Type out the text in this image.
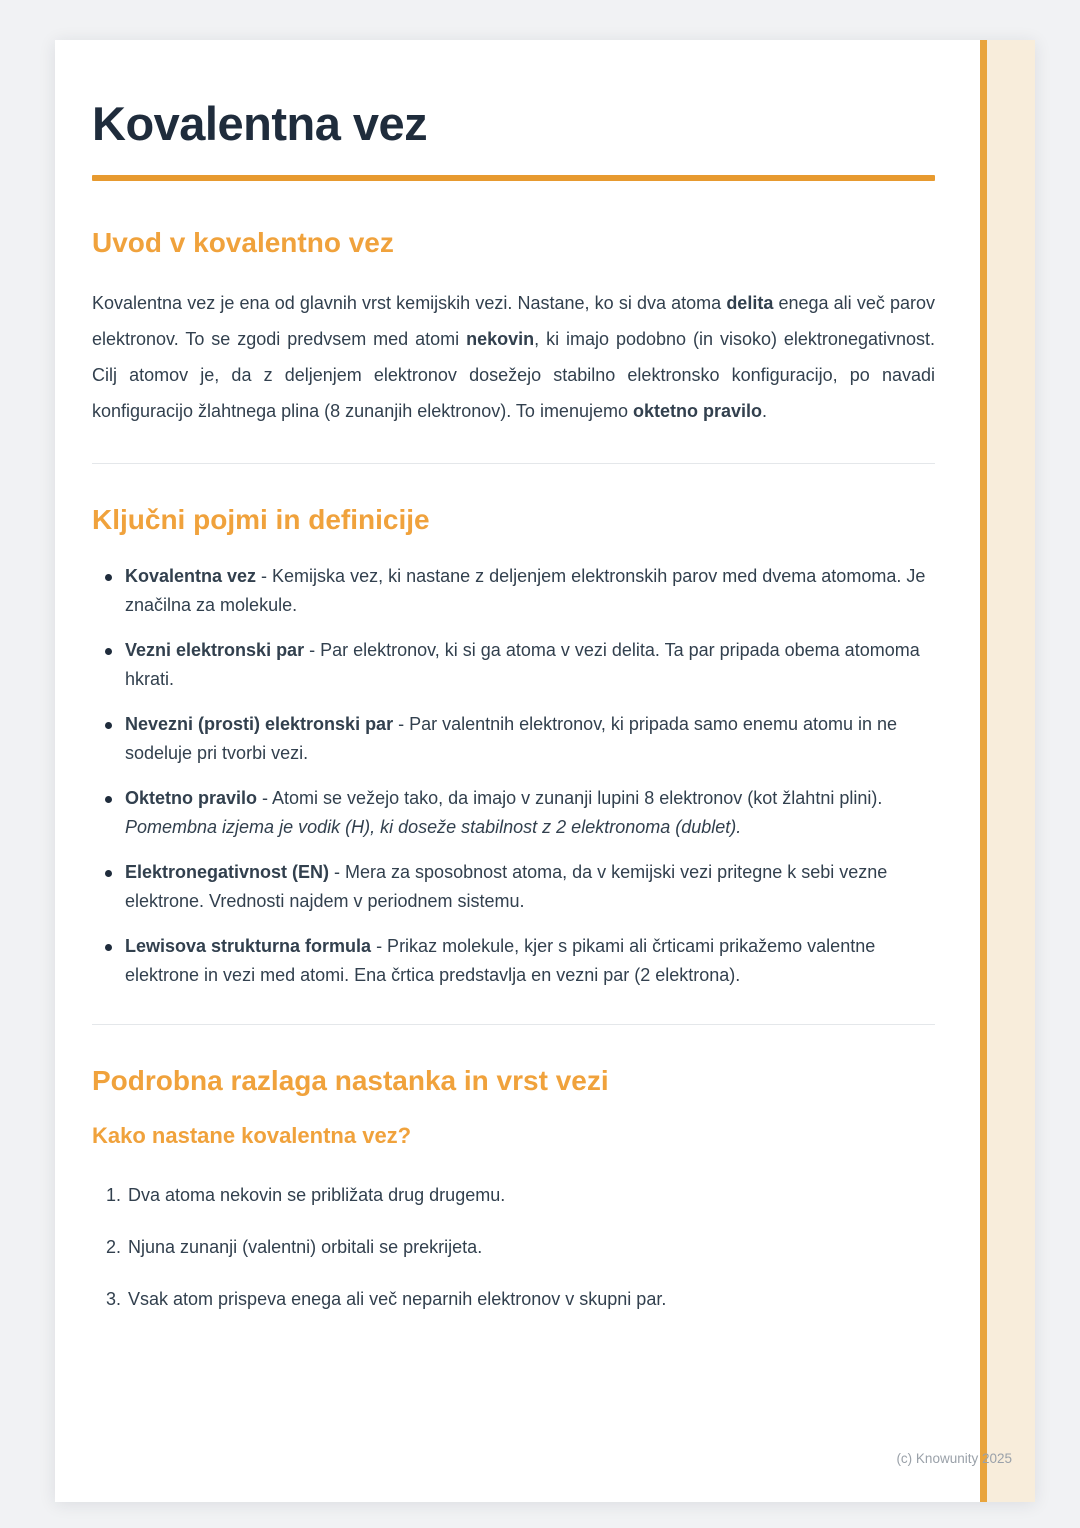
Kovalentna vez
Uvod v kovalentno vez

Kovalentna vez je ena od glavnih vrst kemijskih vezi. Nastane, ko si dva atoma delita enega ali več parov elektronov. To se zgodi predvsem med atomi nekovin, ki imajo podobno (in visoko) elektronegativnost. Cilj atomov je, da z deljenjem elektronov dosežejo stabilno elektronsko konfiguracijo, po navadi konfiguracijo žlahtnega plina (8 zunanjih elektronov). To imenujemo oktetno pravilo.

Ključni pojmi in definicije
Kovalentna vez - Kemijska vez, ki nastane z deljenjem elektronskih parov med dvema atomoma. Je značilna za molekule.
Vezni elektronski par - Par elektronov, ki si ga atoma v vezi delita. Ta par pripada obema atomoma hkrati.
Nevezni (prosti) elektronski par - Par valentnih elektronov, ki pripada samo enemu atomu in ne sodeluje pri tvorbi vezi.
Oktetno pravilo - Atomi se vežejo tako, da imajo v zunanji lupini 8 elektronov (kot žlahtni plini). Pomembna izjema je vodik (H), ki doseže stabilnost z 2 elektronoma (dublet).
Elektronegativnost (EN) - Mera za sposobnost atoma, da v kemijski vezi pritegne k sebi vezne elektrone. Vrednosti najdem v periodnem sistemu.
Lewisova strukturna formula - Prikaz molekule, kjer s pikami ali črticami prikažemo valentne elektrone in vezi med atomi. Ena črtica predstavlja en vezni par (2 elektrona).
Podrobna razlaga nastanka in vrst vezi
Kako nastane kovalentna vez?
1. Dva atoma nekovin se približata drug drugemu.
2. Njuna zunanji (valentni) orbitali se prekrijeta.
3. Vsak atom prispeva enega ali več neparnih elektronov v skupni par.
(c) Knowunity 2025
